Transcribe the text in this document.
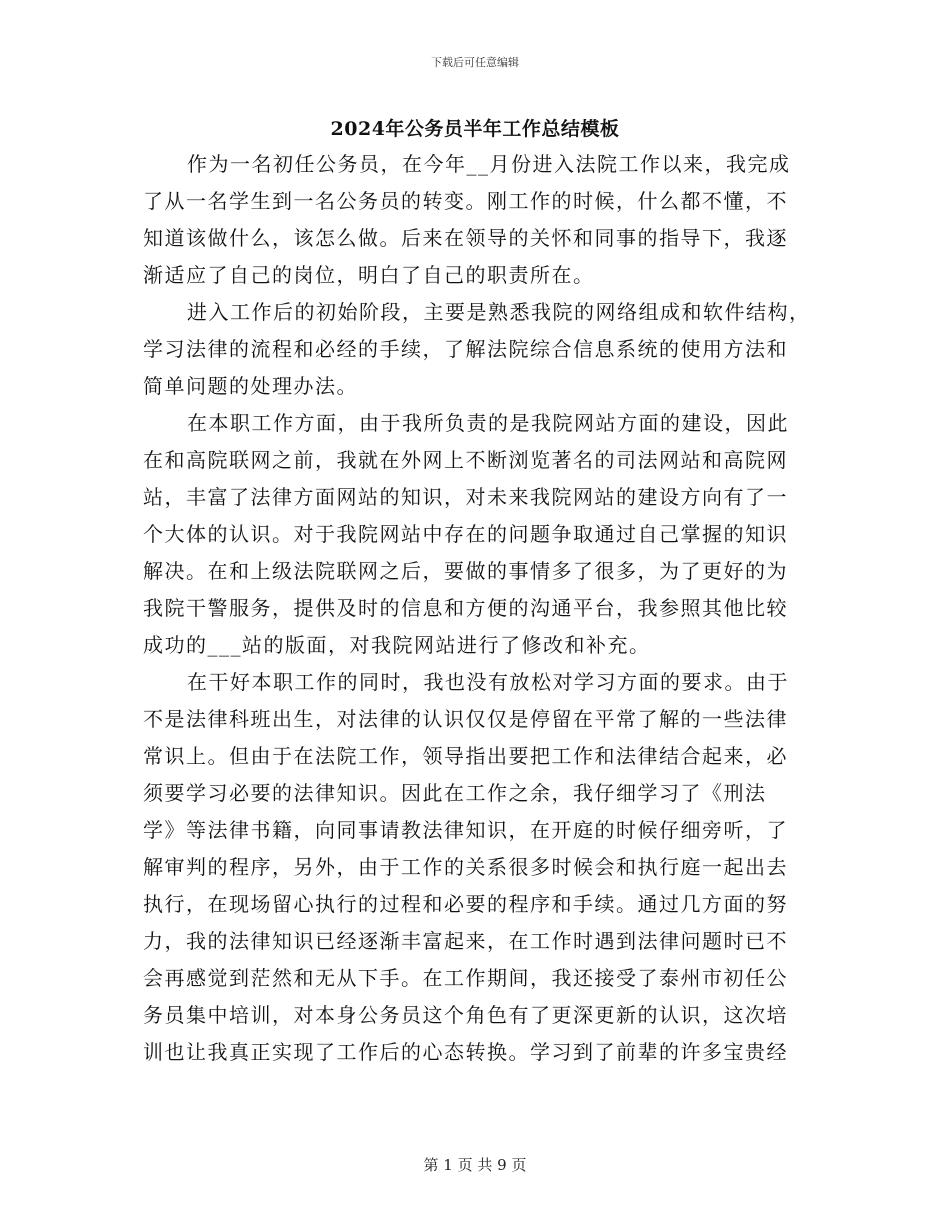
下载后可任意编辑
2024年公务员半年工作总结模板
作为一名初任公务员，在今年__月份进入法院工作以来，我完成
了从一名学生到一名公务员的转变。刚工作的时候，什么都不懂，不
知道该做什么，该怎么做。后来在领导的关怀和同事的指导下，我逐
渐适应了自己的岗位，明白了自己的职责所在。
进入工作后的初始阶段，主要是熟悉我院的网络组成和软件结构，
学习法律的流程和必经的手续，了解法院综合信息系统的使用方法和
简单问题的处理办法。
在本职工作方面，由于我所负责的是我院网站方面的建设，因此
在和高院联网之前，我就在外网上不断浏览著名的司法网站和高院网
站，丰富了法律方面网站的知识，对未来我院网站的建设方向有了一
个大体的认识。对于我院网站中存在的问题争取通过自己掌握的知识
解决。在和上级法院联网之后，要做的事情多了很多，为了更好的为
我院干警服务，提供及时的信息和方便的沟通平台，我参照其他比较
成功的___站的版面，对我院网站进行了修改和补充。
在干好本职工作的同时，我也没有放松对学习方面的要求。由于
不是法律科班出生，对法律的认识仅仅是停留在平常了解的一些法律
常识上。但由于在法院工作，领导指出要把工作和法律结合起来，必
须要学习必要的法律知识。因此在工作之余，我仔细学习了《刑法
学》等法律书籍，向同事请教法律知识，在开庭的时候仔细旁听，了
解审判的程序，另外，由于工作的关系很多时候会和执行庭一起出去
执行，在现场留心执行的过程和必要的程序和手续。通过几方面的努
力，我的法律知识已经逐渐丰富起来，在工作时遇到法律问题时已不
会再感觉到茫然和无从下手。在工作期间，我还接受了泰州市初任公
务员集中培训，对本身公务员这个角色有了更深更新的认识，这次培
训也让我真正实现了工作后的心态转换。学习到了前辈的许多宝贵经
第 1 页 共 9 页
